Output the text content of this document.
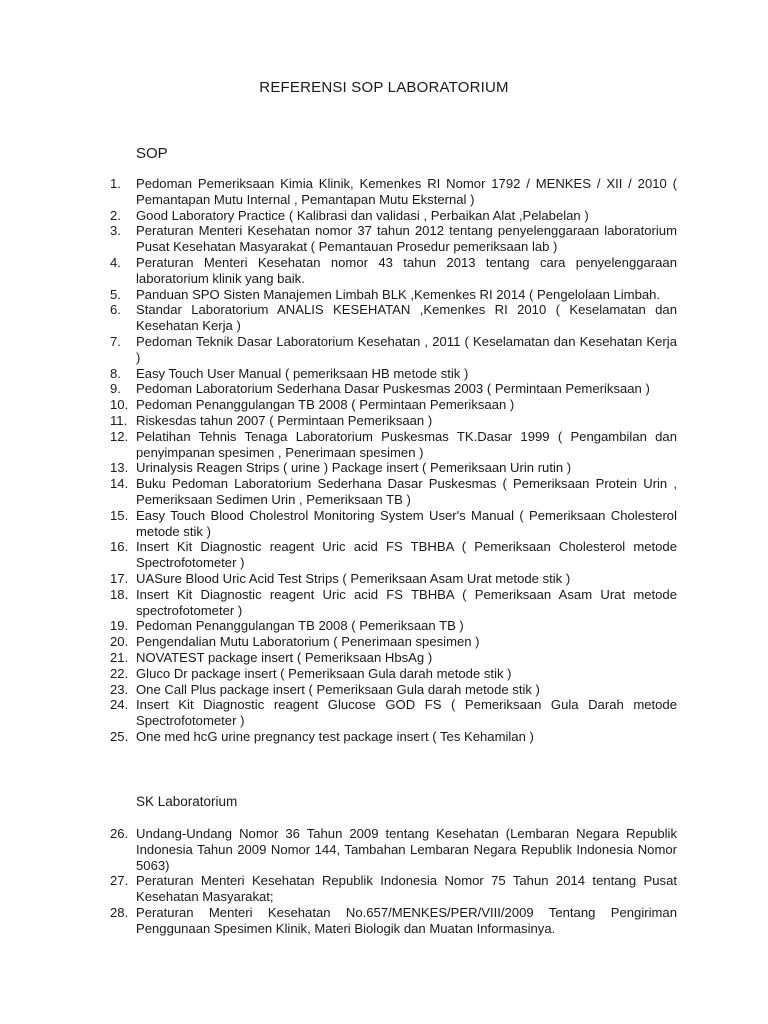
REFERENSI SOP LABORATORIUM
SOP
1.	Pedoman Pemeriksaan Kimia Klinik, Kemenkes RI Nomor 1792 / MENKES / XII / 2010 ( Pemantapan Mutu Internal , Pemantapan Mutu Eksternal )
2.	Good Laboratory Practice ( Kalibrasi dan validasi , Perbaikan Alat ,Pelabelan )
3.	Peraturan Menteri Kesehatan nomor 37 tahun 2012 tentang penyelenggaraan laboratorium Pusat Kesehatan Masyarakat ( Pemantauan Prosedur pemeriksaan lab )
4.	Peraturan Menteri Kesehatan nomor 43 tahun 2013 tentang cara penyelenggaraan laboratorium klinik yang baik.
5.	Panduan SPO Sisten Manajemen Limbah BLK ,Kemenkes RI 2014 ( Pengelolaan Limbah.
6.	Standar Laboratorium ANALIS KESEHATAN ,Kemenkes RI 2010 ( Keselamatan dan Kesehatan Kerja )
7.	Pedoman Teknik Dasar Laboratorium Kesehatan , 2011 ( Keselamatan dan Kesehatan Kerja )
8.	Easy Touch User Manual ( pemeriksaan HB metode stik )
9.	Pedoman Laboratorium Sederhana Dasar Puskesmas 2003 ( Permintaan Pemeriksaan )
10. Pedoman Penanggulangan TB 2008 ( Permintaan Pemeriksaan )
11. Riskesdas tahun 2007 ( Permintaan Pemeriksaan )
12. Pelatihan Tehnis Tenaga Laboratorium Puskesmas TK.Dasar 1999 ( Pengambilan dan penyimpanan spesimen , Penerimaan spesimen )
13. Urinalysis Reagen Strips ( urine ) Package insert ( Pemeriksaan Urin rutin )
14. Buku Pedoman Laboratorium Sederhana Dasar Puskesmas ( Pemeriksaan Protein Urin , Pemeriksaan Sedimen Urin , Pemeriksaan TB )
15. Easy Touch Blood Cholestrol Monitoring System User's Manual ( Pemeriksaan Cholesterol metode stik )
16. Insert Kit Diagnostic reagent Uric acid FS TBHBA ( Pemeriksaan Cholesterol metode Spectrofotometer )
17. UASure Blood Uric Acid Test Strips ( Pemeriksaan Asam Urat metode stik )
18. Insert Kit Diagnostic reagent Uric acid FS TBHBA ( Pemeriksaan Asam Urat metode spectrofotometer )
19. Pedoman Penanggulangan TB 2008 ( Pemeriksaan TB )
20. Pengendalian Mutu Laboratorium ( Penerimaan spesimen )
21. NOVATEST package insert ( Pemeriksaan HbsAg )
22. Gluco Dr package insert ( Pemeriksaan Gula darah metode stik )
23. One Call Plus package insert ( Pemeriksaan Gula darah metode stik )
24. Insert Kit Diagnostic reagent Glucose GOD FS ( Pemeriksaan Gula Darah metode Spectrofotometer )
25. One med hcG urine pregnancy test package insert ( Tes Kehamilan )
SK Laboratorium
26. Undang-Undang Nomor 36 Tahun 2009 tentang Kesehatan (Lembaran Negara Republik Indonesia Tahun 2009 Nomor 144, Tambahan Lembaran Negara Republik Indonesia Nomor 5063)
27. Peraturan Menteri Kesehatan Republik Indonesia Nomor 75 Tahun 2014 tentang Pusat Kesehatan Masyarakat;
28. Peraturan Menteri Kesehatan No.657/MENKES/PER/VIII/2009 Tentang Pengiriman Penggunaan Spesimen Klinik, Materi Biologik dan Muatan Informasinya.
